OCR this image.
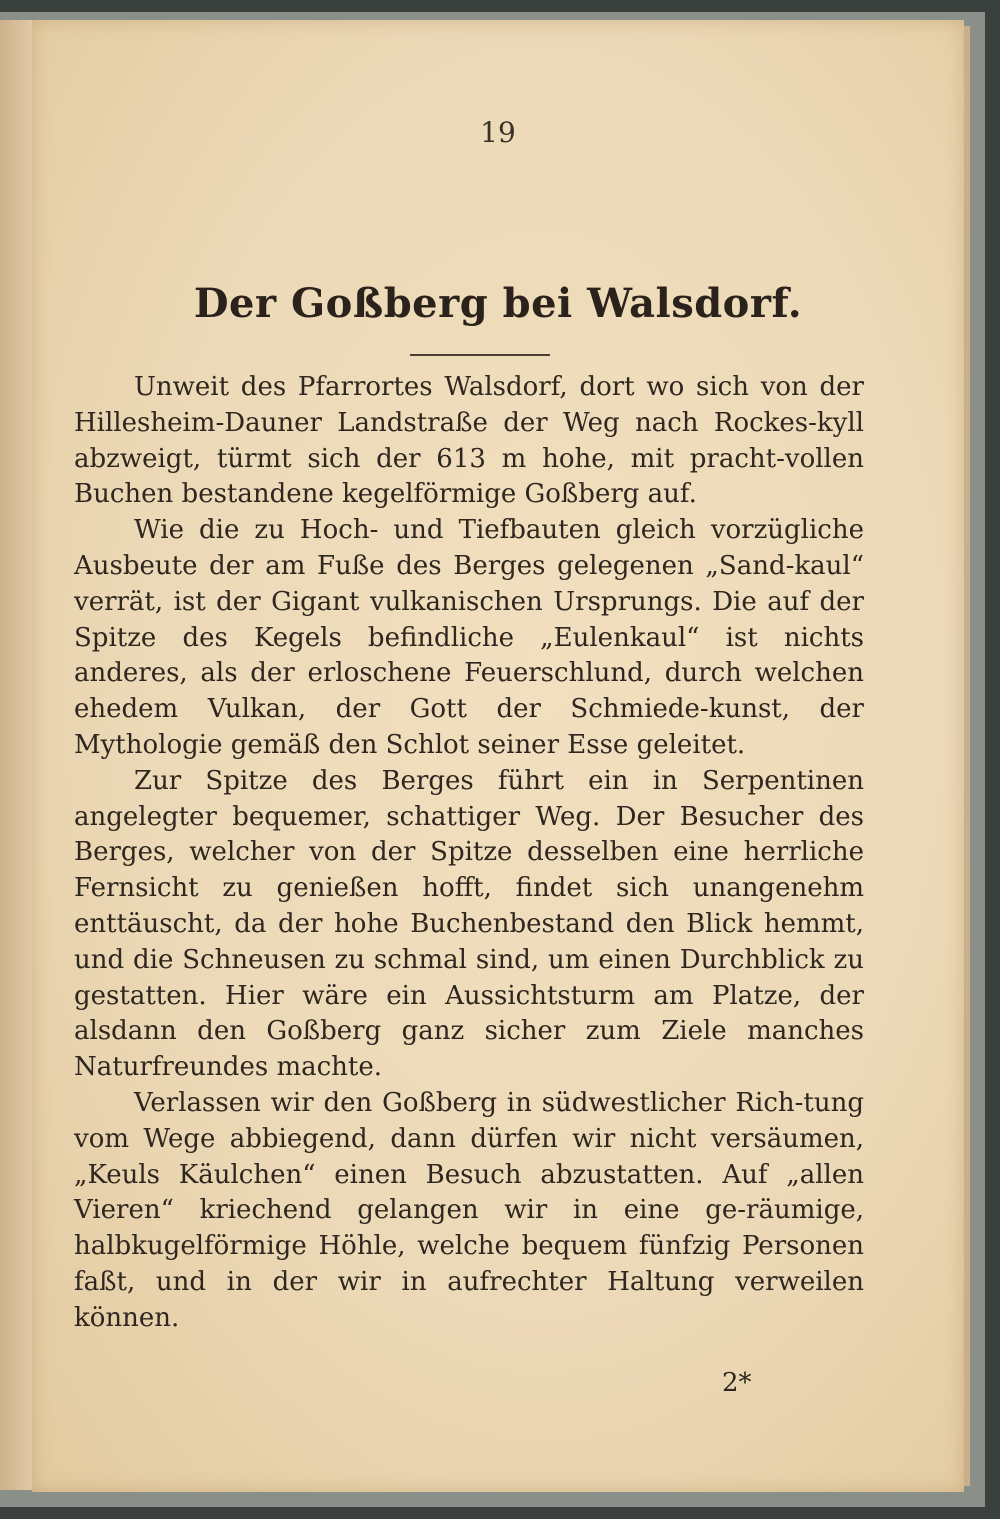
19
Der Goßberg bei Walsdorf.

Unweit des Pfarrortes Walsdorf, dort wo sich von der Hillesheim-Dauner Landstraße der Weg nach Rockes-kyll abzweigt, türmt sich der 613 m hohe, mit pracht-vollen Buchen bestandene kegelförmige Goßberg auf.

Wie die zu Hoch- und Tiefbauten gleich vorzügliche Ausbeute der am Fuße des Berges gelegenen „Sand-kaul“ verrät, ist der Gigant vulkanischen Ursprungs. Die auf der Spitze des Kegels befindliche „Eulenkaul“ ist nichts anderes, als der erloschene Feuerschlund, durch welchen ehedem Vulkan, der Gott der Schmiede-kunst, der Mythologie gemäß den Schlot seiner Esse geleitet.

Zur Spitze des Berges führt ein in Serpentinen angelegter bequemer, schattiger Weg. Der Besucher des Berges, welcher von der Spitze desselben eine herrliche Fernsicht zu genießen hofft, findet sich unangenehm enttäuscht, da der hohe Buchenbestand den Blick hemmt, und die Schneusen zu schmal sind, um einen Durchblick zu gestatten. Hier wäre ein Aussichtsturm am Platze, der alsdann den Goßberg ganz sicher zum Ziele manches Naturfreundes machte.

Verlassen wir den Goßberg in südwestlicher Rich-tung vom Wege abbiegend, dann dürfen wir nicht versäumen, „Keuls Käulchen“ einen Besuch abzustatten. Auf „allen Vieren“ kriechend gelangen wir in eine ge-räumige, halbkugelförmige Höhle, welche bequem fünfzig Personen faßt, und in der wir in aufrechter Haltung verweilen können.

2*
